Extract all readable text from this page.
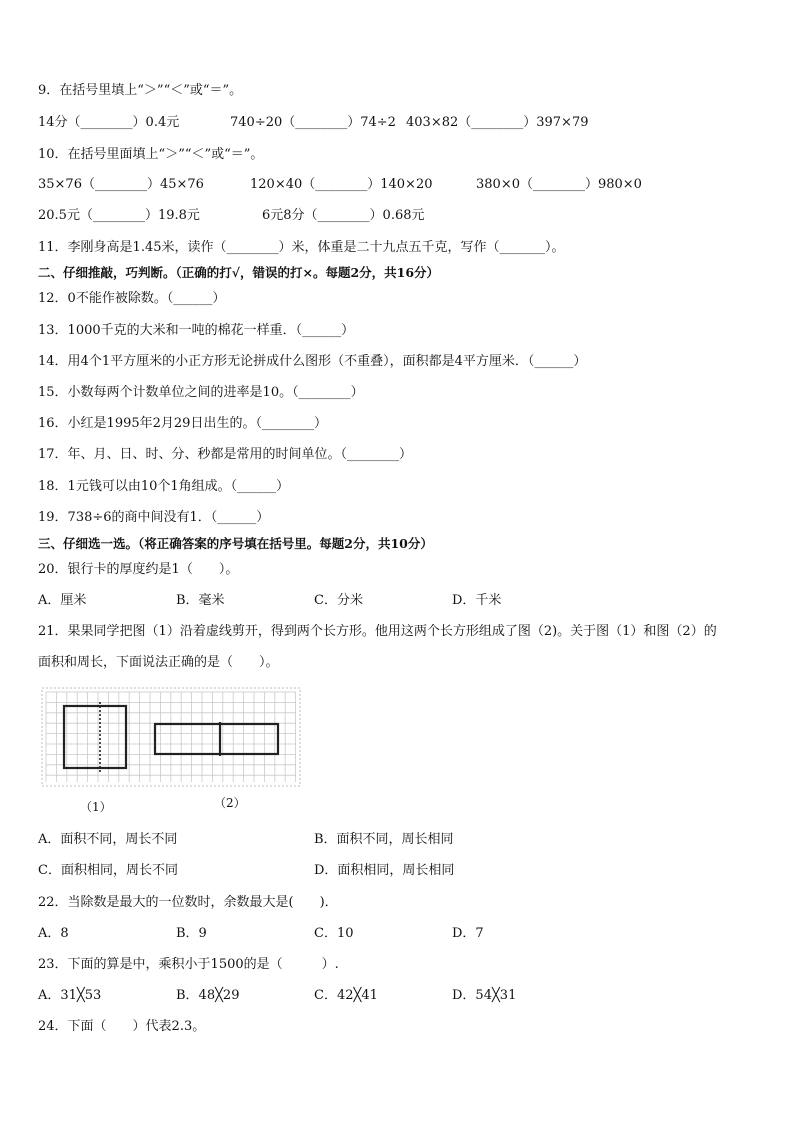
9．在括号里填上“＞”“＜”或“＝”。
14分（________）0.4元	740÷20（________）74÷2 403×82（________）397×79
10．在括号里面填上“＞”“＜”或“＝”。
35×76（________）45×76	120×40（________）140×20	380×0（________）980×0
20.5元（________）19.8元	6元8分（________）0.68元
11．李刚身高是1.45米，读作（________）米，体重是二十九点五千克，写作（_______）。
二、仔细推敲，巧判断。（正确的打√，错误的打×。每题2分，共16分）
12．0不能作被除数。（______）
13．1000千克的大米和一吨的棉花一样重．（______）
14．用4个1平方厘米的小正方形无论拼成什么图形（不重叠），面积都是4平方厘米．（______）
15．小数每两个计数单位之间的进率是10。（________）
16．小红是1995年2月29日出生的。（________）
17．年、月、日、时、分、秒都是常用的时间单位。（________）
18．1元钱可以由10个1角组成。（______）
19．738÷6的商中间没有1．（______）
三、仔细选一选。（将正确答案的序号填在括号里。每题2分，共10分）
20．银行卡的厚度约是1（　　）。
A．厘米	B．毫米	C．分米	D．千米
21．果果同学把图（1）沿着虚线剪开，得到两个长方形。他用这两个长方形组成了图（2)。关于图（1）和图（2）的
面积和周长，下面说法正确的是（　　）。
（1）	（2）
A．面积不同，周长不同	B．面积不同，周长相同
C．面积相同，周长不同	D．面积相同，周长相同
22．当除数是最大的一位数时，余数最大是(　　)．
A．8	B．9	C．10	D．7
23．下面的算是中，乘积小于1500的是（　　　）.
A．31╳53	B．48╳29	C．42╳41	D．54╳31
24．下面（　　）代表2.3。
